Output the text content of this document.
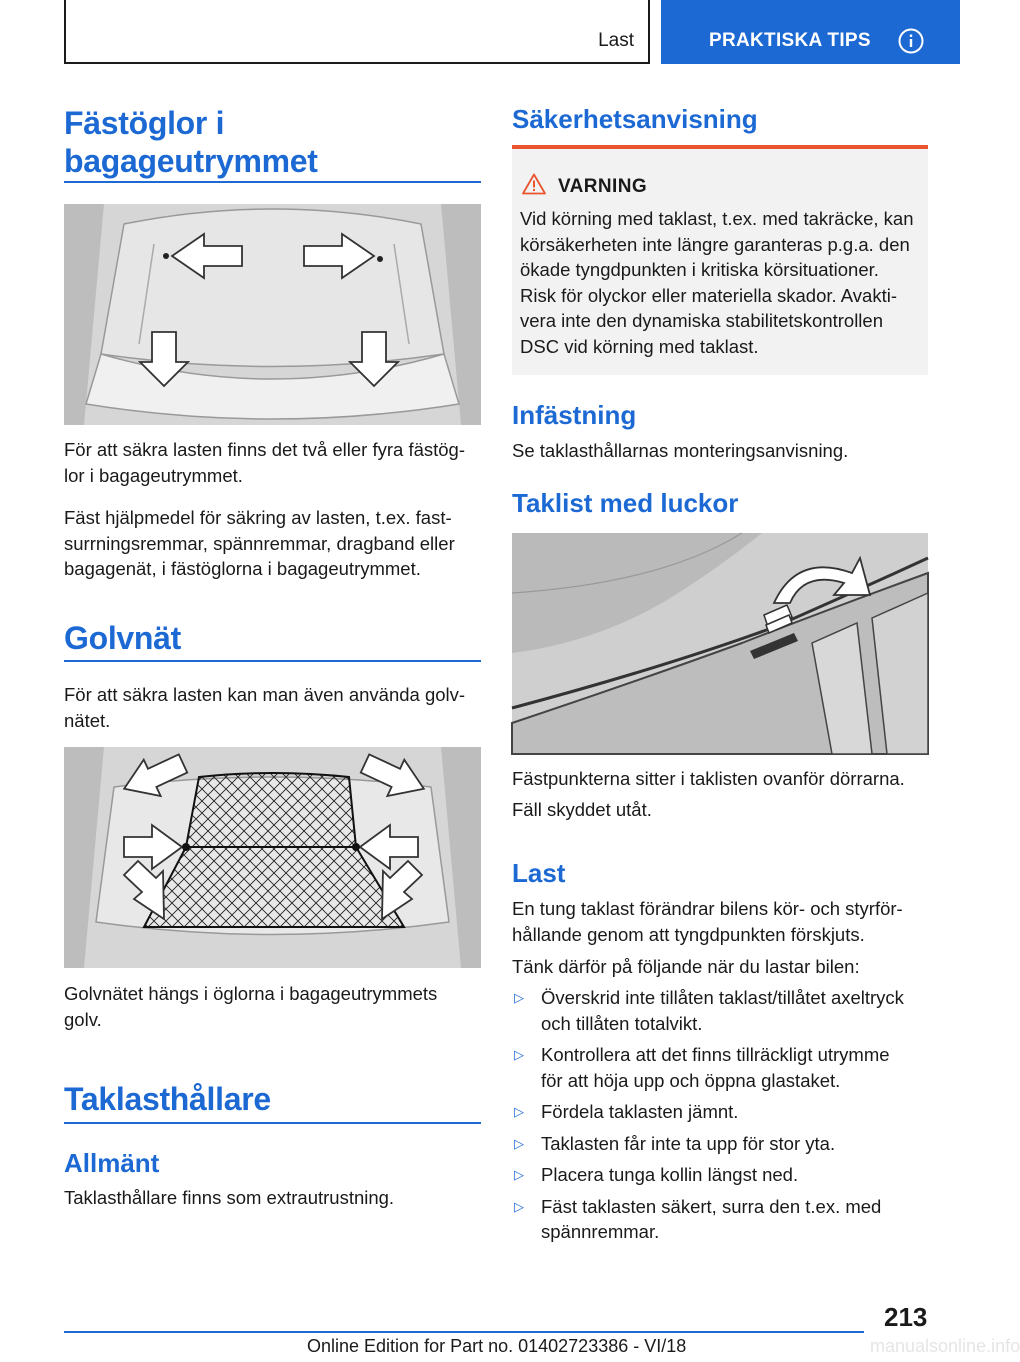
Last	PRAKTISKA TIPS
Fästöglor i
bagageutrymmet
För att säkra lasten finns det två eller fyra fästög-
lor i bagageutrymmet.
Fäst hjälpmedel för säkring av lasten, t.ex. fast-
surrningsremmar, spännremmar, dragband eller
bagagenät, i fästöglorna i bagageutrymmet.
Golvnät
För att säkra lasten kan man även använda golv-
nätet.
Golvnätet hängs i öglorna i bagageutrymmets
golv.
Taklasthållare
Allmänt
Taklasthållare finns som extrautrustning.
Säkerhetsanvisning
VARNING
Vid körning med taklast, t.ex. med takräcke, kan
körsäkerheten inte längre garanteras p.g.a. den
ökade tyngdpunkten i kritiska körsituationer.
Risk för olyckor eller materiella skador. Avakti-
vera inte den dynamiska stabilitetskontrollen
DSC vid körning med taklast.
Infästning
Se taklasthållarnas monteringsanvisning.
Taklist med luckor
Fästpunkterna sitter i taklisten ovanför dörrarna.
Fäll skyddet utåt.
Last
En tung taklast förändrar bilens kör- och styrför-
hållande genom att tyngdpunkten förskjuts.
Tänk därför på följande när du lastar bilen:
▷ Överskrid inte tillåten taklast/tillåtet axeltryck
och tillåten totalvikt.
▷ Kontrollera att det finns tillräckligt utrymme
för att höja upp och öppna glastaket.
▷ Fördela taklasten jämnt.
▷ Taklasten får inte ta upp för stor yta.
▷ Placera tunga kollin längst ned.
▷ Fäst taklasten säkert, surra den t.ex. med
spännremmar.
213
Online Edition for Part no. 01402723386 - VI/18	manualsonline.info
